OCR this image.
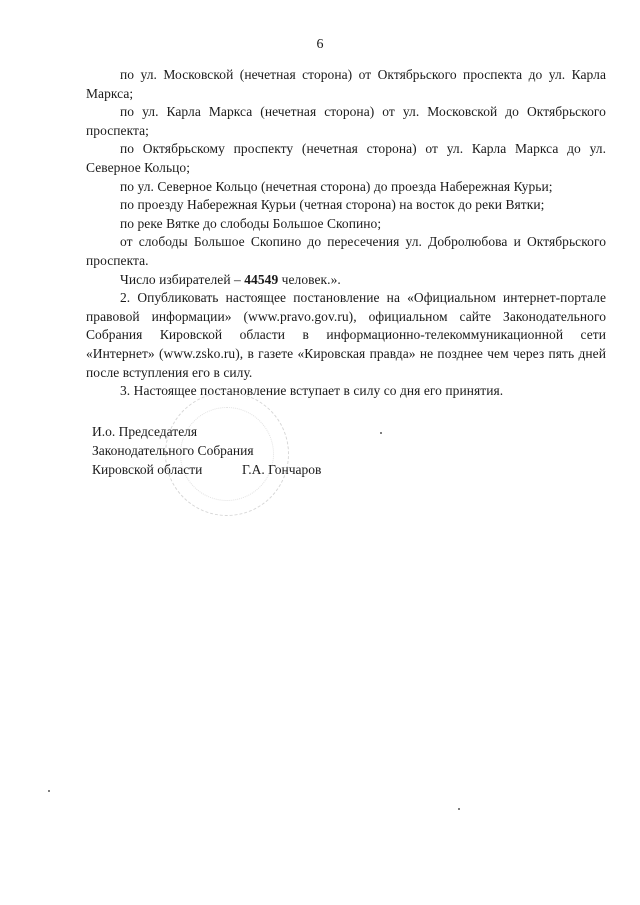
6

по ул. Московской (нечетная сторона) от Октябрьского проспекта до ул. Карла Маркса;

по ул. Карла Маркса (нечетная сторона) от ул. Московской до Октябрьского проспекта;

по Октябрьскому проспекту (нечетная сторона) от ул. Карла Маркса до ул. Северное Кольцо;

по ул. Северное Кольцо (нечетная сторона) до проезда Набережная Курьи;

по проезду Набережная Курьи (четная сторона) на восток до реки Вятки;

по реке Вятке до слободы Большое Скопино;

от слободы Большое Скопино до пересечения ул. Добролюбова и Октябрьского проспекта.

Число избирателей – 44549 человек.».

2. Опубликовать настоящее постановление на «Официальном интернет-портале правовой информации» (www.pravo.gov.ru), официальном сайте Законодательного Собрания Кировской области в информационно-телекоммуникационной сети «Интернет» (www.zsko.ru), в газете «Кировская правда» не позднее чем через пять дней после вступления его в силу.

3. Настоящее постановление вступает в силу со дня его принятия.

И.о. Председателя
Законодательного Собрания
Кировской области	Г.А. Гончаров
